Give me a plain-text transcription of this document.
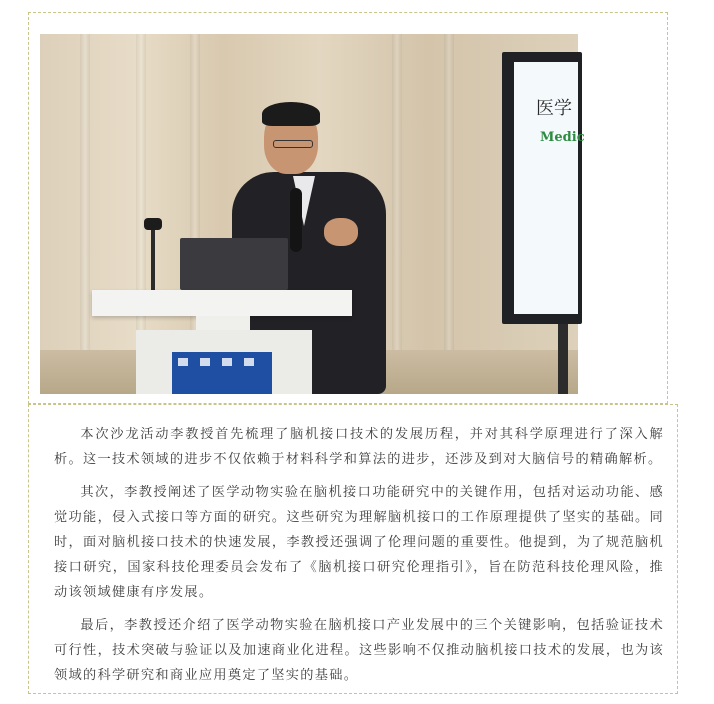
医学
Medic

本次沙龙活动李教授首先梳理了脑机接口技术的发展历程，并对其科学原理进行了深入解析。这一技术领域的进步不仅依赖于材料科学和算法的进步，还涉及到对大脑信号的精确解析。

其次，李教授阐述了医学动物实验在脑机接口功能研究中的关键作用，包括对运动功能、感觉功能，侵入式接口等方面的研究。这些研究为理解脑机接口的工作原理提供了坚实的基础。同时，面对脑机接口技术的快速发展，李教授还强调了伦理问题的重要性。他提到，为了规范脑机接口研究，国家科技伦理委员会发布了《脑机接口研究伦理指引》，旨在防范科技伦理风险，推动该领域健康有序发展。

最后，李教授还介绍了医学动物实验在脑机接口产业发展中的三个关键影响，包括验证技术可行性，技术突破与验证以及加速商业化进程。这些影响不仅推动脑机接口技术的发展，也为该领域的科学研究和商业应用奠定了坚实的基础。
